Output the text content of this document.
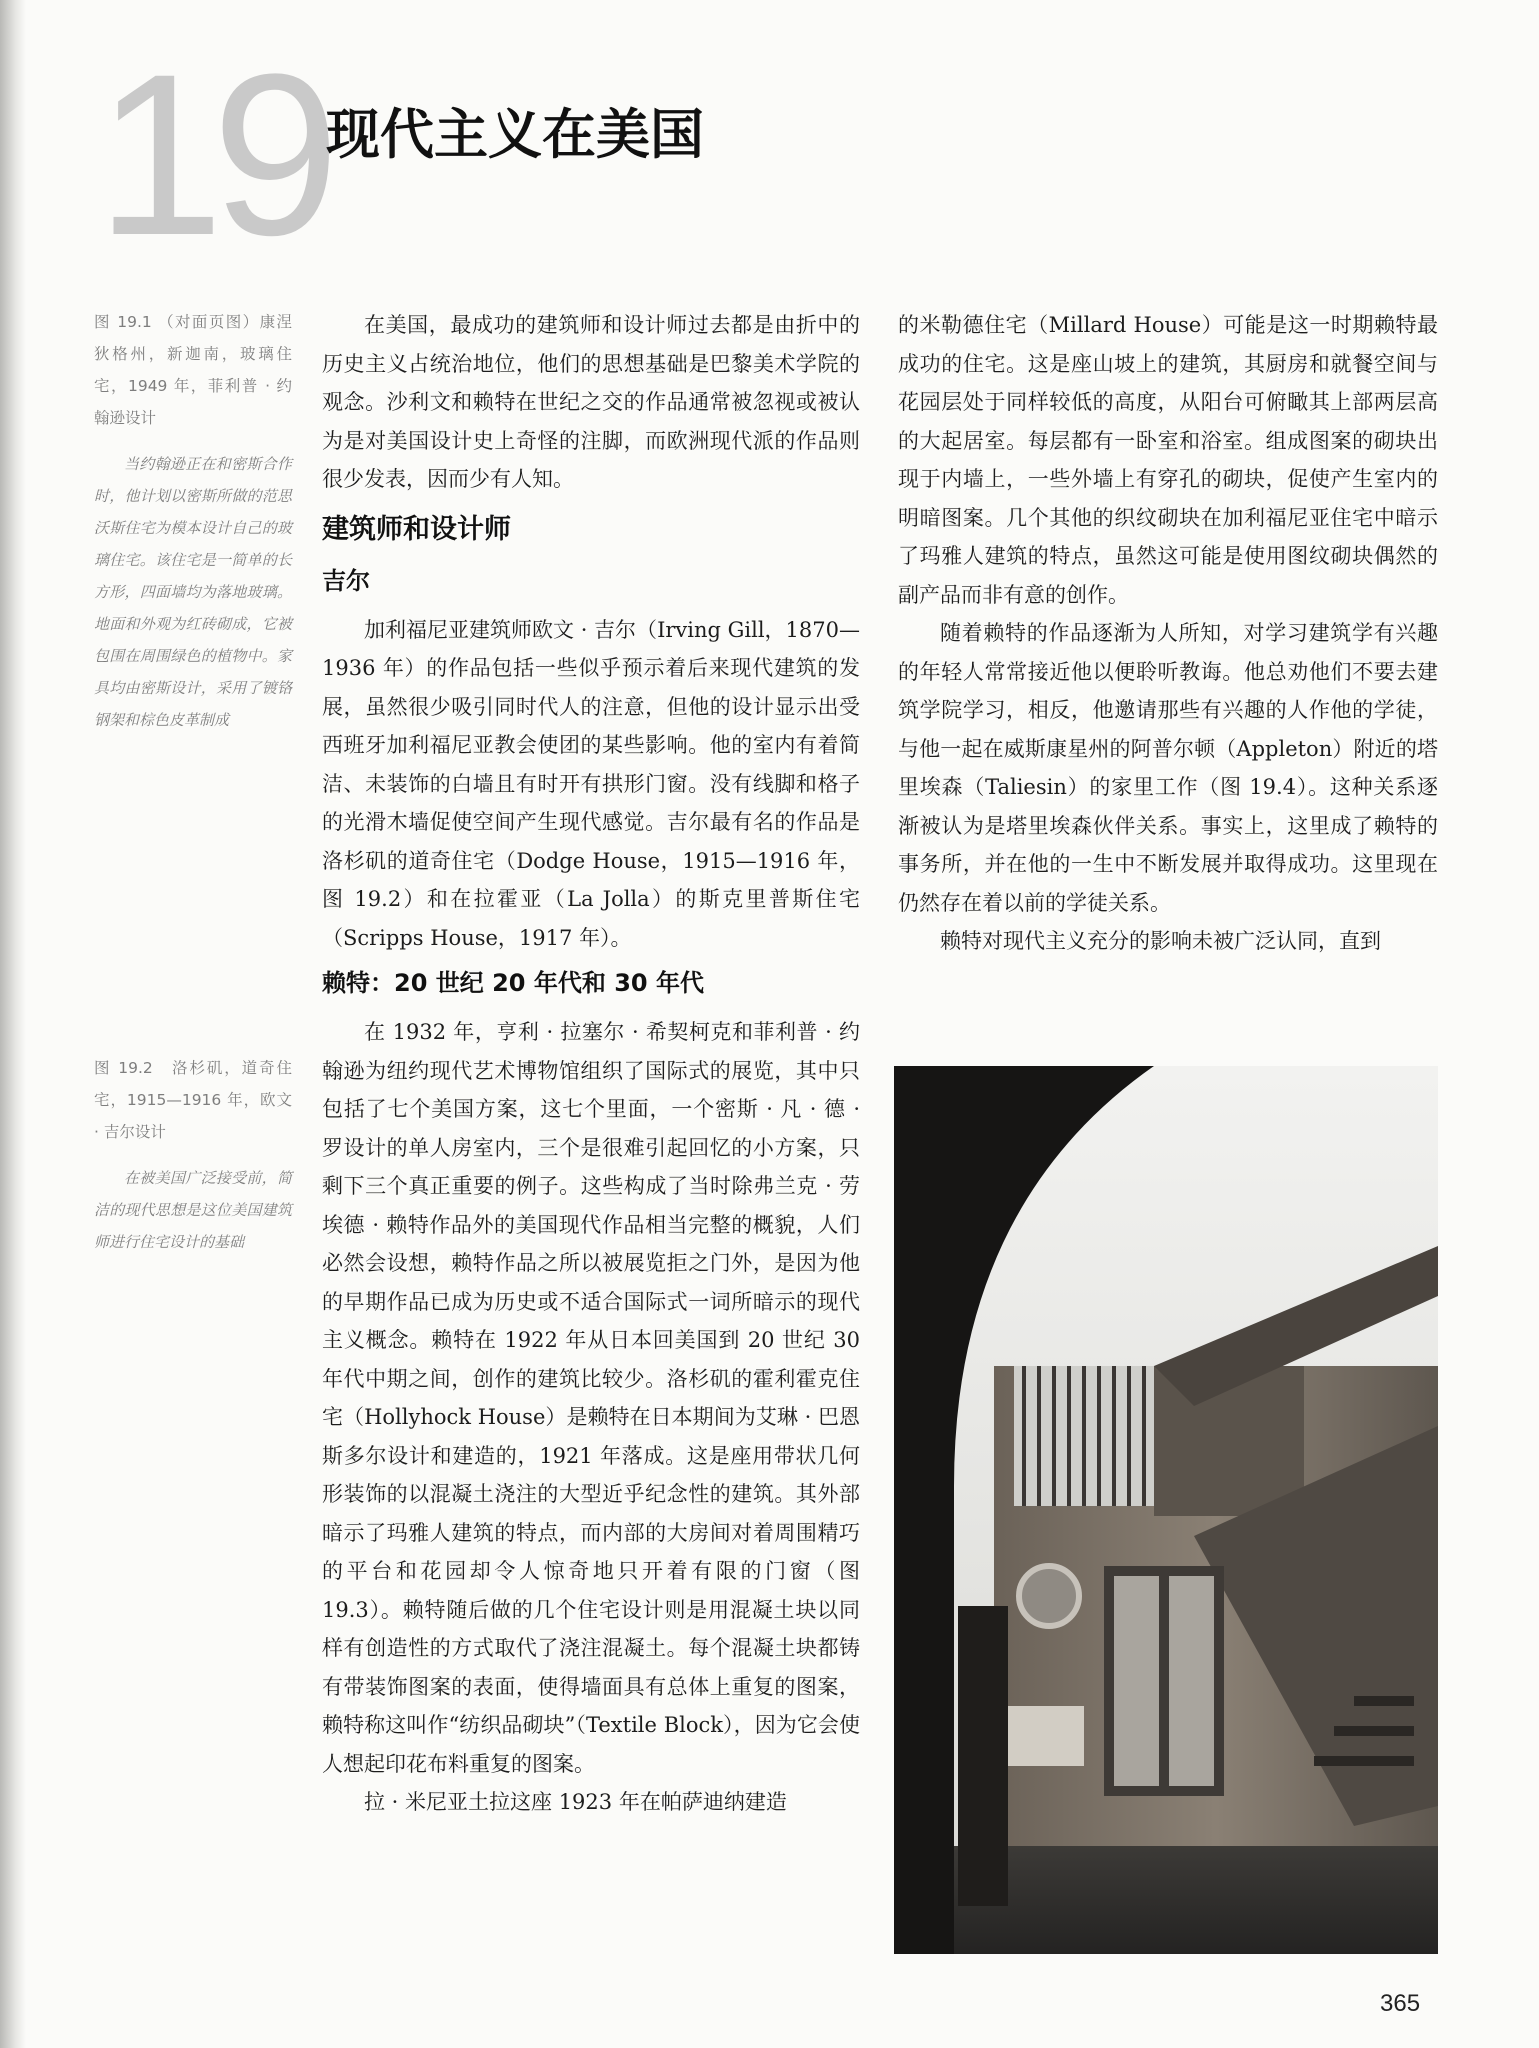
19
现代主义在美国

图 19.1 （对面页图）康涅狄格州，新迦南，玻璃住宅，1949 年，菲利普 · 约翰逊设计

当约翰逊正在和密斯合作时，他计划以密斯所做的范思沃斯住宅为模本设计自己的玻璃住宅。该住宅是一简单的长方形，四面墙均为落地玻璃。地面和外观为红砖砌成，它被包围在周围绿色的植物中。家具均由密斯设计，采用了镀铬钢架和棕色皮革制成

图 19.2　洛杉矶，道奇住宅，1915—1916 年，欧文 · 吉尔设计

在被美国广泛接受前，简洁的现代思想是这位美国建筑师进行住宅设计的基础

在美国，最成功的建筑师和设计师过去都是由折中的历史主义占统治地位，他们的思想基础是巴黎美术学院的观念。沙利文和赖特在世纪之交的作品通常被忽视或被认为是对美国设计史上奇怪的注脚，而欧洲现代派的作品则很少发表，因而少有人知。

建筑师和设计师
吉尔

加利福尼亚建筑师欧文 · 吉尔（Irving Gill，1870—1936 年）的作品包括一些似乎预示着后来现代建筑的发展，虽然很少吸引同时代人的注意，但他的设计显示出受西班牙加利福尼亚教会使团的某些影响。他的室内有着简洁、未装饰的白墙且有时开有拱形门窗。没有线脚和格子的光滑木墙促使空间产生现代感觉。吉尔最有名的作品是洛杉矶的道奇住宅（Dodge House，1915—1916 年，图 19.2）和在拉霍亚（La Jolla）的斯克里普斯住宅（Scripps House，1917 年）。

赖特：20 世纪 20 年代和 30 年代

在 1932 年，亨利 · 拉塞尔 · 希契柯克和菲利普 · 约翰逊为纽约现代艺术博物馆组织了国际式的展览，其中只包括了七个美国方案，这七个里面，一个密斯 · 凡 · 德 · 罗设计的单人房室内，三个是很难引起回忆的小方案，只剩下三个真正重要的例子。这些构成了当时除弗兰克 · 劳埃德 · 赖特作品外的美国现代作品相当完整的概貌，人们必然会设想，赖特作品之所以被展览拒之门外，是因为他的早期作品已成为历史或不适合国际式一词所暗示的现代主义概念。赖特在 1922 年从日本回美国到 20 世纪 30 年代中期之间，创作的建筑比较少。洛杉矶的霍利霍克住宅（Hollyhock House）是赖特在日本期间为艾琳 · 巴恩斯多尔设计和建造的，1921 年落成。这是座用带状几何形装饰的以混凝土浇注的大型近乎纪念性的建筑。其外部暗示了玛雅人建筑的特点，而内部的大房间对着周围精巧的平台和花园却令人惊奇地只开着有限的门窗（图 19.3）。赖特随后做的几个住宅设计则是用混凝土块以同样有创造性的方式取代了浇注混凝土。每个混凝土块都铸有带装饰图案的表面，使得墙面具有总体上重复的图案，赖特称这叫作“纺织品砌块”（Textile Block），因为它会使人想起印花布料重复的图案。

拉 · 米尼亚土拉这座 1923 年在帕萨迪纳建造

的米勒德住宅（Millard House）可能是这一时期赖特最成功的住宅。这是座山坡上的建筑，其厨房和就餐空间与花园层处于同样较低的高度，从阳台可俯瞰其上部两层高的大起居室。每层都有一卧室和浴室。组成图案的砌块出现于内墙上，一些外墙上有穿孔的砌块，促使产生室内的明暗图案。几个其他的织纹砌块在加利福尼亚住宅中暗示了玛雅人建筑的特点，虽然这可能是使用图纹砌块偶然的副产品而非有意的创作。

随着赖特的作品逐渐为人所知，对学习建筑学有兴趣的年轻人常常接近他以便聆听教诲。他总劝他们不要去建筑学院学习，相反，他邀请那些有兴趣的人作他的学徒，与他一起在威斯康星州的阿普尔顿（Appleton）附近的塔里埃森（Taliesin）的家里工作（图 19.4）。这种关系逐渐被认为是塔里埃森伙伴关系。事实上，这里成了赖特的事务所，并在他的一生中不断发展并取得成功。这里现在仍然存在着以前的学徒关系。

赖特对现代主义充分的影响未被广泛认同，直到

365
